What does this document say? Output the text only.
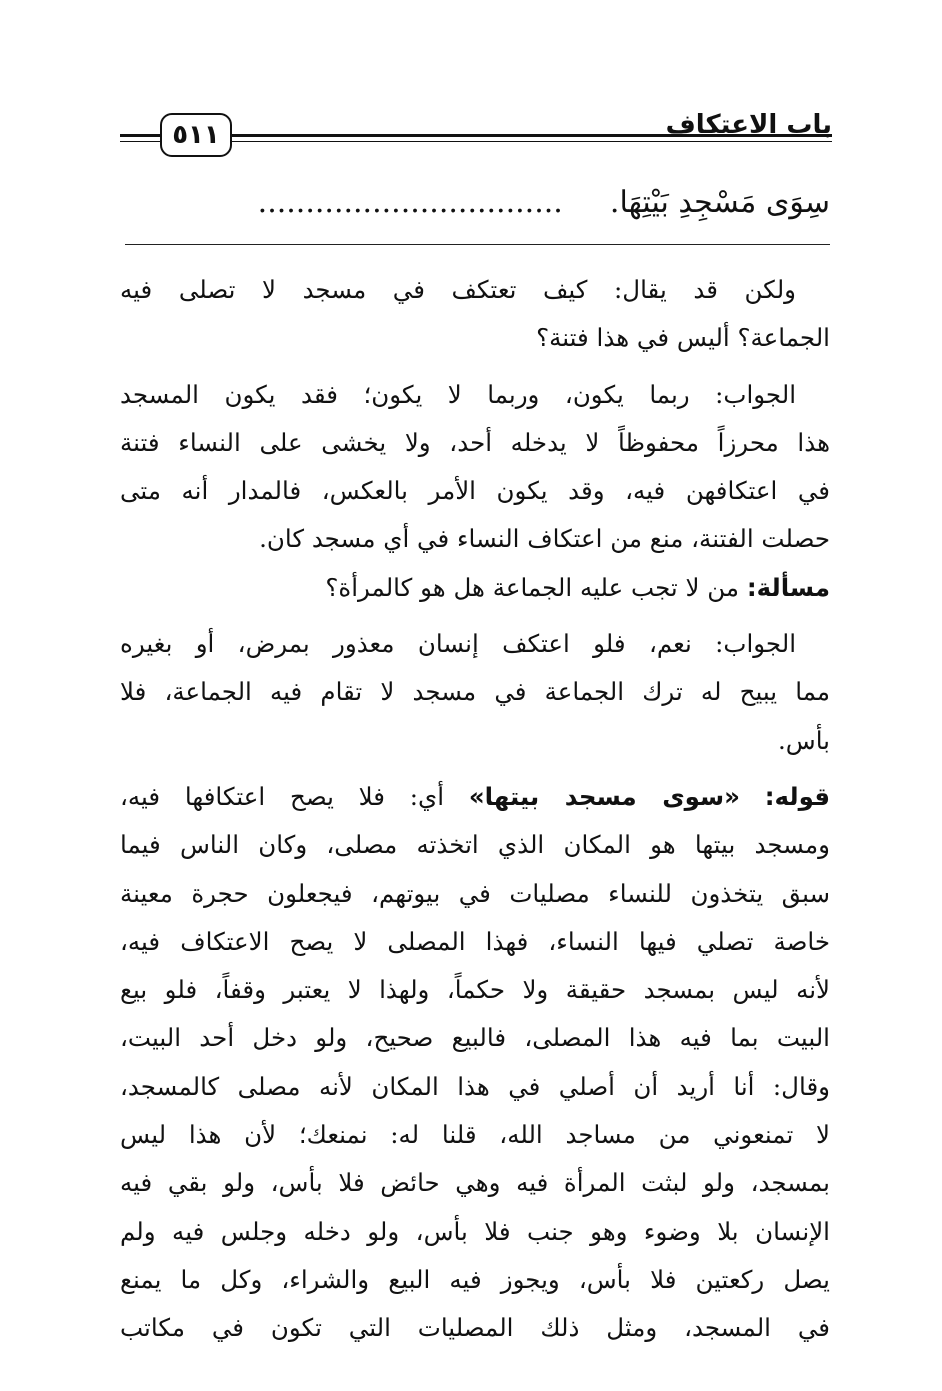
٥١١	باب الاعتكاف
سِوَى مَسْجِدِ بَيْتِهَا.  ................................
ولكن قد يقال: كيف تعتكف في مسجد لا تصلى فيه
الجماعة؟ أليس في هذا فتنة؟
الجواب: ربما يكون، وربما لا يكون؛ فقد يكون المسجد
هذا محرزاً محفوظاً لا يدخله أحد، ولا يخشى على النساء فتنة
في اعتكافهن فيه، وقد يكون الأمر بالعكس، فالمدار أنه متى
حصلت الفتنة، منع من اعتكاف النساء في أي مسجد كان.
مسألة: من لا تجب عليه الجماعة هل هو كالمرأة؟
الجواب: نعم، فلو اعتكف إنسان معذور بمرض، أو بغيره
مما يبيح له ترك الجماعة في مسجد لا تقام فيه الجماعة، فلا
بأس.
قوله: «سوى مسجد بيتها» أي: فلا يصح اعتكافها فيه،
ومسجد بيتها هو المكان الذي اتخذته مصلى، وكان الناس فيما
سبق يتخذون للنساء مصليات في بيوتهم، فيجعلون حجرة معينة
خاصة تصلي فيها النساء، فهذا المصلى لا يصح الاعتكاف فيه،
لأنه ليس بمسجد حقيقة ولا حكماً، ولهذا لا يعتبر وقفاً، فلو بيع
البيت بما فيه هذا المصلى، فالبيع صحيح، ولو دخل أحد البيت،
وقال: أنا أريد أن أصلي في هذا المكان لأنه مصلى كالمسجد،
لا تمنعوني من مساجد الله، قلنا له: نمنعك؛ لأن هذا ليس
بمسجد، ولو لبثت المرأة فيه وهي حائض فلا بأس، ولو بقي فيه
الإنسان بلا وضوء وهو جنب فلا بأس، ولو دخله وجلس فيه ولم
يصل ركعتين فلا بأس، ويجوز فيه البيع والشراء، وكل ما يمنع
في المسجد، ومثل ذلك المصليات التي تكون في مكاتب
